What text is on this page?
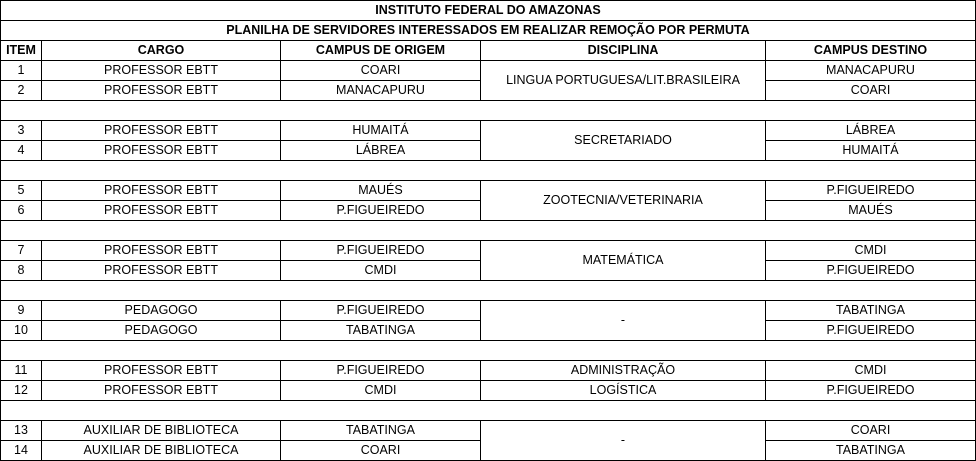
INSTITUTO FEDERAL DO AMAZONAS				
PLANILHA DE SERVIDORES INTERESSADOS EM REALIZAR REMOÇÃO POR PERMUTA				
ITEM	CARGO	CAMPUS DE ORIGEM	DISCIPLINA	CAMPUS DESTINO
1	PROFESSOR EBTT	COARI	LINGUA PORTUGUESA/LIT.BRASILEIRA	MANACAPURU
2	PROFESSOR EBTT	MANACAPURU		COARI

3	PROFESSOR EBTT	HUMAITÁ	SECRETARIADO	LÁBREA
4	PROFESSOR EBTT	LÁBREA		HUMAITÁ

5	PROFESSOR EBTT	MAUÉS	ZOOTECNIA/VETERINARIA	P.FIGUEIREDO
6	PROFESSOR EBTT	P.FIGUEIREDO		MAUÉS

7	PROFESSOR EBTT	P.FIGUEIREDO	MATEMÁTICA	CMDI
8	PROFESSOR EBTT	CMDI		P.FIGUEIREDO

9	PEDAGOGO	P.FIGUEIREDO	-	TABATINGA
10	PEDAGOGO	TABATINGA		P.FIGUEIREDO

11	PROFESSOR EBTT	P.FIGUEIREDO	ADMINISTRAÇÃO	CMDI
12	PROFESSOR EBTT	CMDI	LOGÍSTICA	P.FIGUEIREDO

13	AUXILIAR DE BIBLIOTECA	TABATINGA	-	COARI
14	AUXILIAR DE BIBLIOTECA	COARI		TABATINGA
